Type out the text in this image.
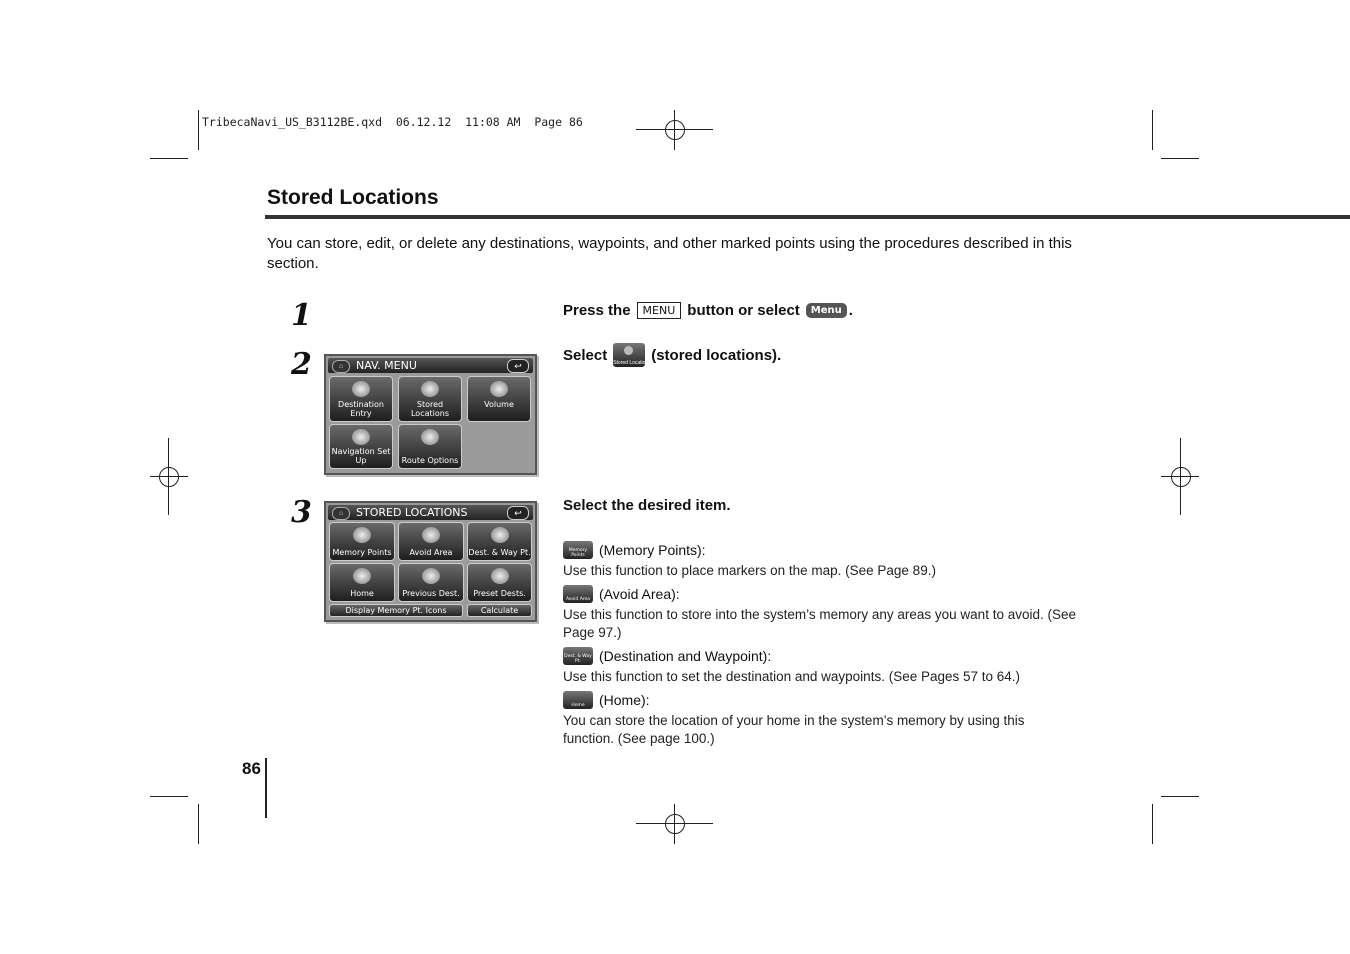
TribecaNavi_US_B3112BE.qxd  06.12.12  11:08 AM  Page 86
Stored Locations
You can store, edit, or delete any destinations, waypoints, and other marked points using the procedures described in this section.
1	Press the	MENU button or select	Menu .
2	Select Stored Locations (stored locations).
⌂	NAV. MENU	↩
Destination Entry
Stored Locations
Volume
Navigation Set Up	Route Options
3	Select the desired item.
⌂	STORED LOCATIONS	↩
Memory Points	Avoid Area	Dest. & Way Pt.
Home	Previous Dest.	Preset Dests.
Display Memory Pt. Icons	Calculate
Memory Points	(Memory Points):
Use this function to place markers on the map. (See Page 89.)
Avoid Area (Avoid Area):
Use this function to store into the system’s memory any areas you want to avoid. (See Page 97.)
Dest. & Way Pt.	(Destination and Waypoint):
Use this function to set the destination and waypoints. (See Pages 57 to 64.)
Home	(Home):
You can store the location of your home in the system’s memory by using this function. (See page 100.)
86
